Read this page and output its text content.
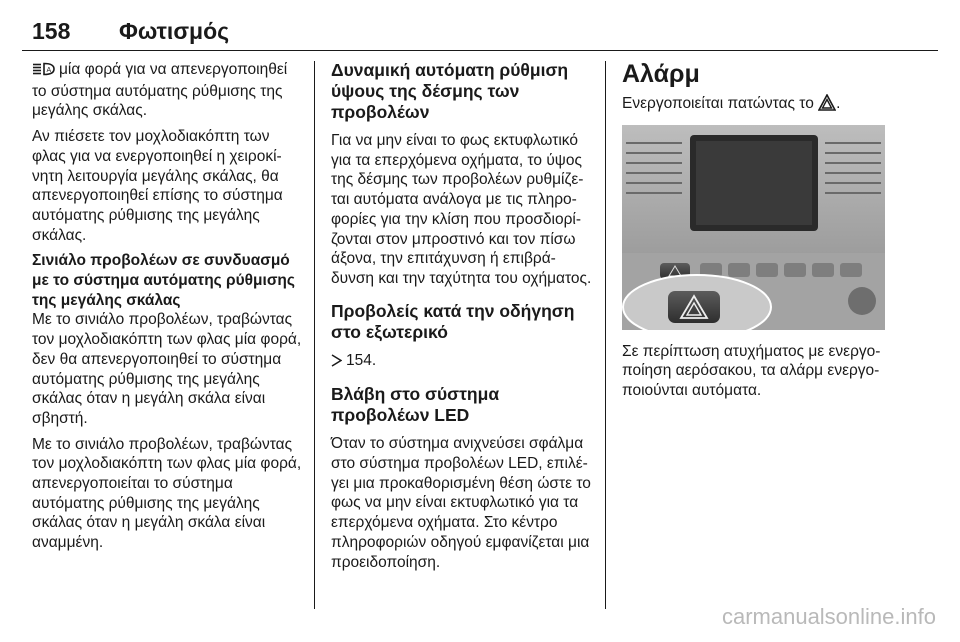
158 Φωτισμός

A μία φορά για να απενεργοποιηθεί το σύστημα αυτόματης ρύθμισης της μεγάλης σκάλας.

Αν πιέσετε τον μοχλοδιακόπτη των φλας για να ενεργοποιηθεί η χειροκί- νητη λειτουργία μεγάλης σκάλας, θα απενεργοποιηθεί επίσης το σύστημα αυτόματης ρύθμισης της μεγάλης σκάλας.

Σινιάλο προβολέων σε συνδυασμό με το σύστημα αυτόματης ρύθμισης της μεγάλης σκάλας

Με το σινιάλο προβολέων, τραβώντας τον μοχλοδιακόπτη των φλας μία φορά, δεν θα απενεργοποιηθεί το σύστημα αυτόματης ρύθμισης της μεγάλης σκάλας όταν η μεγάλη σκάλα είναι σβηστή.

Με το σινιάλο προβολέων, τραβώντας τον μοχλοδιακόπτη των φλας μία φορά, απενεργοποιείται το σύστημα αυτόματης ρύθμισης της μεγάλης σκάλας όταν η μεγάλη σκάλα είναι αναμμένη.

Δυναμική αυτόματη ρύθμιση ύψους της δέσμης των προβολέων

Για να μην είναι το φως εκτυφλωτικό για τα επερχόμενα οχήματα, το ύψος της δέσμης των προβολέων ρυθμίζε- ται αυτόματα ανάλογα με τις πληρο- φορίες για την κλίση που προσδιορί- ζονται στον μπροστινό και τον πίσω άξονα, την επιτάχυνση ή επιβρά- δυνση και την ταχύτητα του οχήματος.

Προβολείς κατά την οδήγηση στο εξωτερικό

154.

Βλάβη στο σύστημα προβολέων LED

Όταν το σύστημα ανιχνεύσει σφάλμα στο σύστημα προβολέων LED, επιλέ- γει μια προκαθορισμένη θέση ώστε το φως να μην είναι εκτυφλωτικό για τα επερχόμενα οχήματα. Στο κέντρο πληροφοριών οδηγού εμφανίζεται μια προειδοποίηση.

Αλάρμ

Ενεργοποιείται πατώντας το .

Σε περίπτωση ατυχήματος με ενεργο- ποίηση αερόσακου, τα αλάρμ ενεργο- ποιούνται αυτόματα.

carmanualsonline.info
